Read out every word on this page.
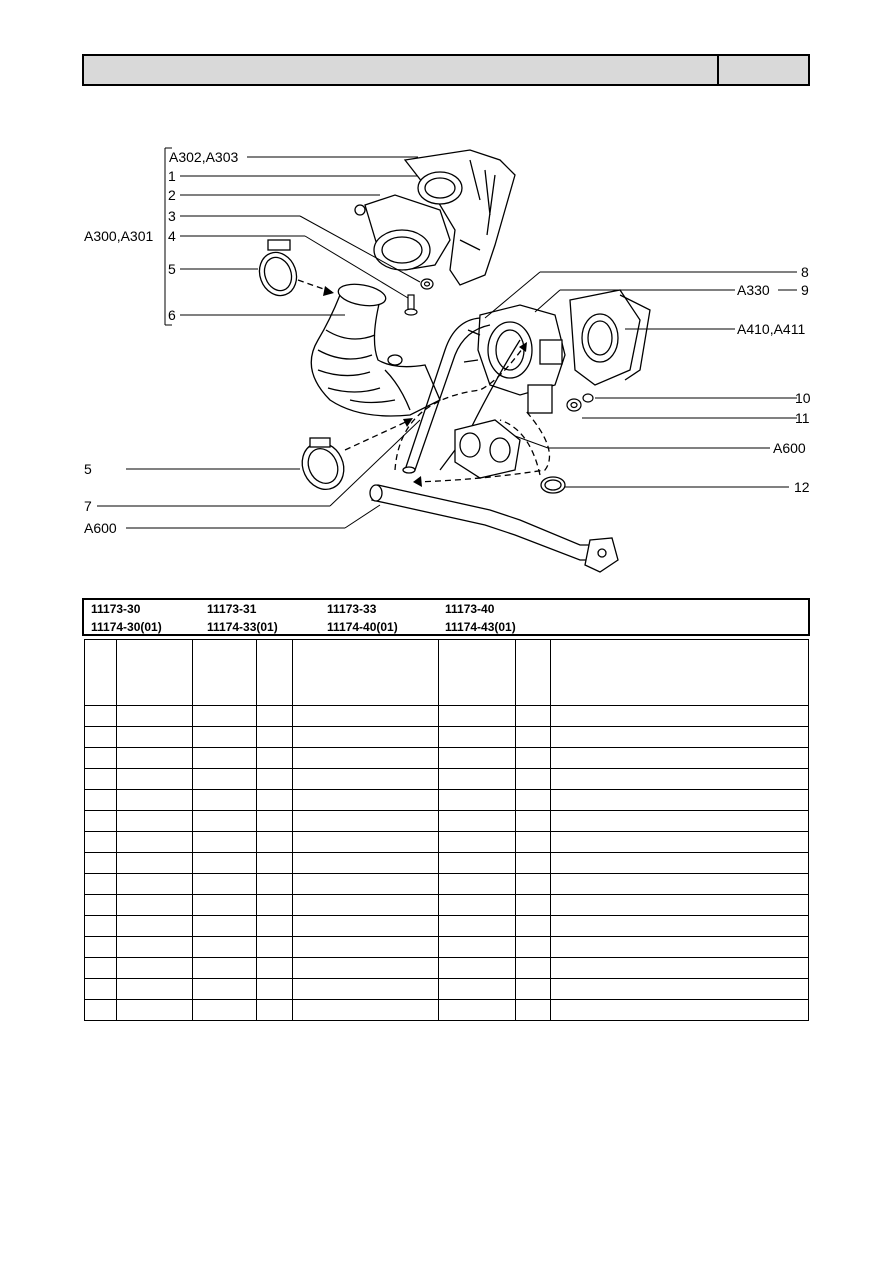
A302,A303
1
2
3
4
A300,A301
5
6
5
7
A600
8
A330 9
A410,A411
10
11
A600
12
11173-30	11173-31	11173-33	11173-40
11174-30(01)	11174-33(01)	11174-40(01)	11174-43(01)
